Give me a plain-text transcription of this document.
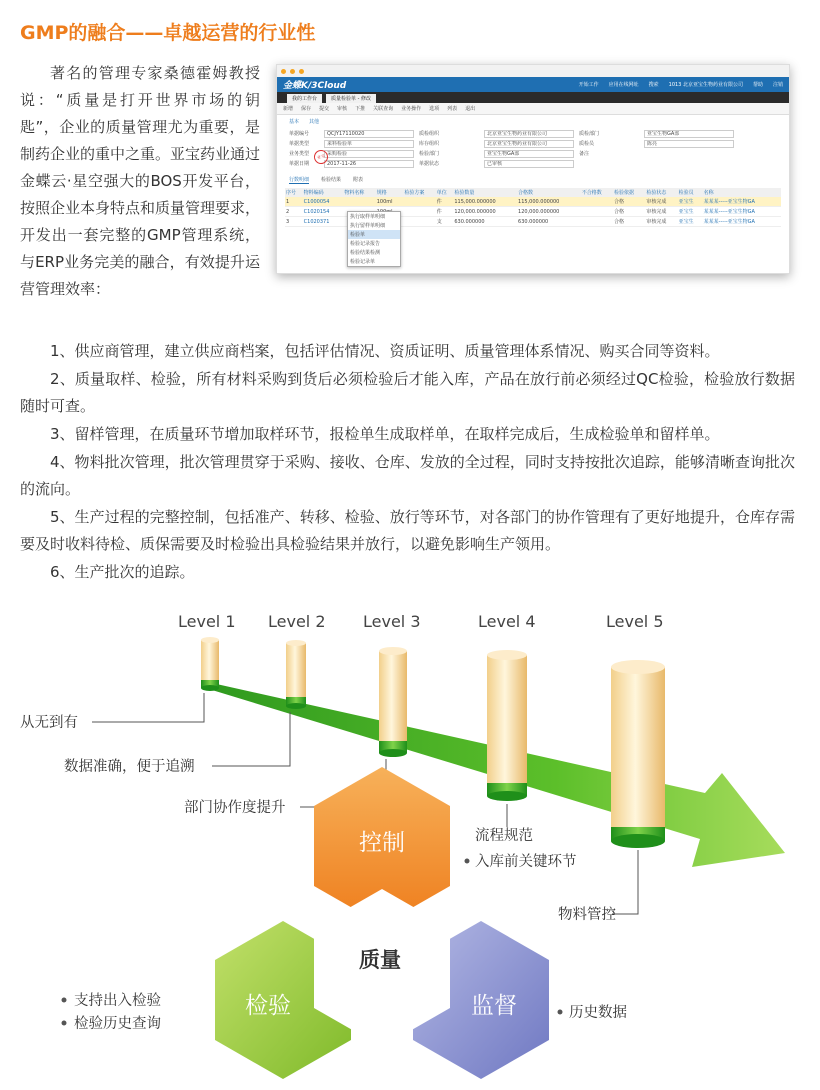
GMP的融合——卓越运营的行业性

著名的管理专家桑德霍姆教授说：“质量是打开世界市场的钥匙”，企业的质量管理尤为重要，是制药企业的重中之重。亚宝药业通过金蝶云·星空强大的BOS开发平台，按照企业本身特点和质量管理要求，开发出一套完整的GMP管理系统，与ERP业务完美的融合，有效提升运营管理效率：

金蝶K/3Cloud	开始工作 应用在线网址 搜索 1013 北京亚宝生物药业有限公司 帮助 注销
我的工作台	质量检验单 - 修改
新增 保存 提交 审核 下推 关联查询 业务操作 选项 列表 退出
基本 其他
单据编号	QCJY17110020	质检组织	北京亚宝生物药业有限公司	质检部门	亚宝生物GA部
单据类型	来料检验单	库存组织	北京亚宝生物药业有限公司	质检员	陈亮
业务类型	采购检验	检验部门	亚宝生物GA部	备注
单据日期	2017-11-26	单据状态	已审核
行数明细 检验结果 附表
序号	物料编码	物料名称	规格	检验方案	单位	检验数量	合格数	不合格数	检验依据	检验状态	检验员	名称
1	C1000054		100ml		件	115,000.000000	115,000.000000		合格	审核完成	亚宝生	某某某-----亚宝生物GA
2	C1020154				件	120,000.000000	120,000.000000		合格	审核完成	亚宝生	某某某-----亚宝生物GA
3	C1020371				支	630.000000	630.000000		合格	审核完成	亚宝生	某某某-----亚宝生物GA
执行取样单明细
执行留样单明细
检验单
检验记录报告
检验结果检测
检验记录单
亚宝

1、供应商管理，建立供应商档案，包括评估情况、资质证明、质量管理体系情况、购买合同等资料。

2、质量取样、检验，所有材料采购到货后必须检验后才能入库，产品在放行前必须经过QC检验，检验放行数据随时可查。

3、留样管理，在质量环节增加取样环节，报检单生成取样单，在取样完成后，生成检验单和留样单。

4、物料批次管理，批次管理贯穿于采购、接收、仓库、发放的全过程，同时支持按批次追踪，能够清晰查询批次的流向。

5、生产过程的完整控制，包括准产、转移、检验、放行等环节，对各部门的协作管理有了更好地提升，仓库存需要及时收料待检、质保需要及时检验出具检验结果并放行，以避免影响生产领用。

6、生产批次的追踪。

Level 1 Level 2 Level 3	Level 4	Level 5
从无到有
数据准确，便于追溯
部门协作度提升
流程规范
入库前关键环节
物料管控
控制
检验	监督
质量
支持出入检验
检验历史查询
历史数据
